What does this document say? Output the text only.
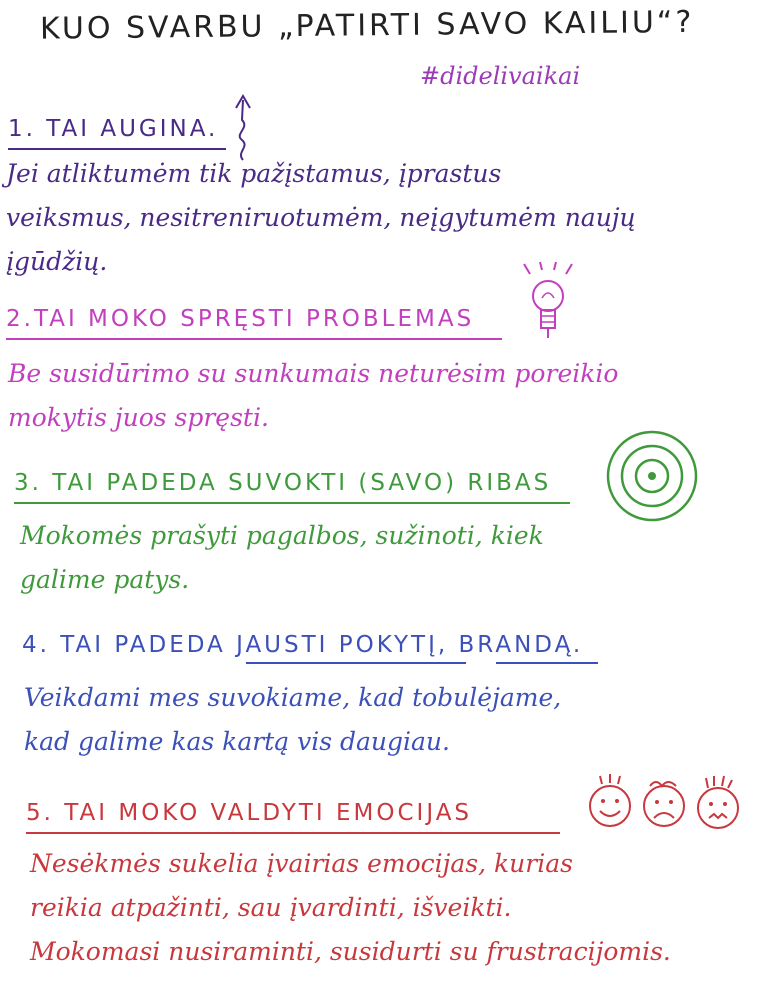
KUO SVARBU „PATIRTI SAVO KAILIU“?
#didelivaikai
1. TAI AUGINA.
Jei atliktumėm tik pažįstamus, įprastus
veiksmus, nesitreniruotumėm, neįgytumėm naujų
įgūdžių.
2.TAI MOKO SPRĘSTI PROBLEMAS
Be susidūrimo su sunkumais neturėsim poreikio
mokytis juos spręsti.
3. TAI PADEDA SUVOKTI (SAVO) RIBAS
Mokomės prašyti pagalbos, sužinoti, kiek
galime patys.
4. TAI PADEDA JAUSTI POKYTĮ, BRANDĄ.
Veikdami mes suvokiame, kad tobulėjame,
kad galime kas kartą vis daugiau.
5. TAI MOKO VALDYTI EMOCIJAS
Nesėkmės sukelia įvairias emocijas, kurias
reikia atpažinti, sau įvardinti, išveikti.
Mokomasi nusiraminti, susidurti su frustracijomis.
